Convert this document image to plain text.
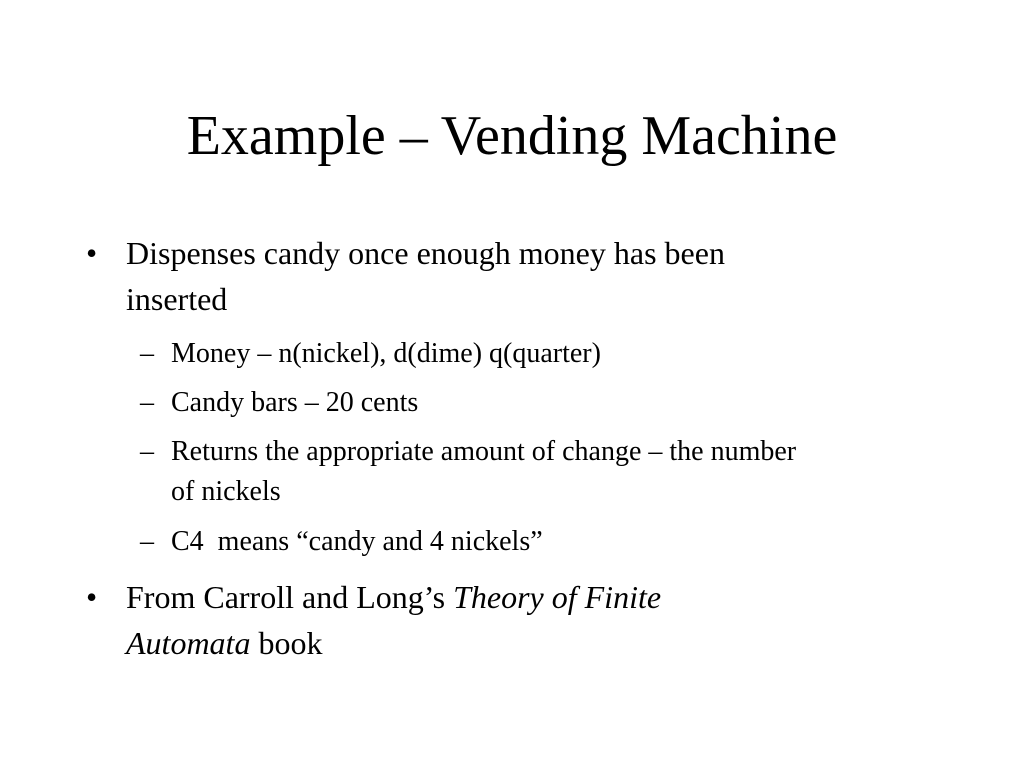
Example – Vending Machine
• Dispenses candy once enough money has been
inserted
– Money – n(nickel), d(dime) q(quarter)
– Candy bars – 20 cents
– Returns the appropriate amount of change – the number
of nickels
– C4  means “candy and 4 nickels”
• From Carroll and Long’s Theory of Finite
Automata book
